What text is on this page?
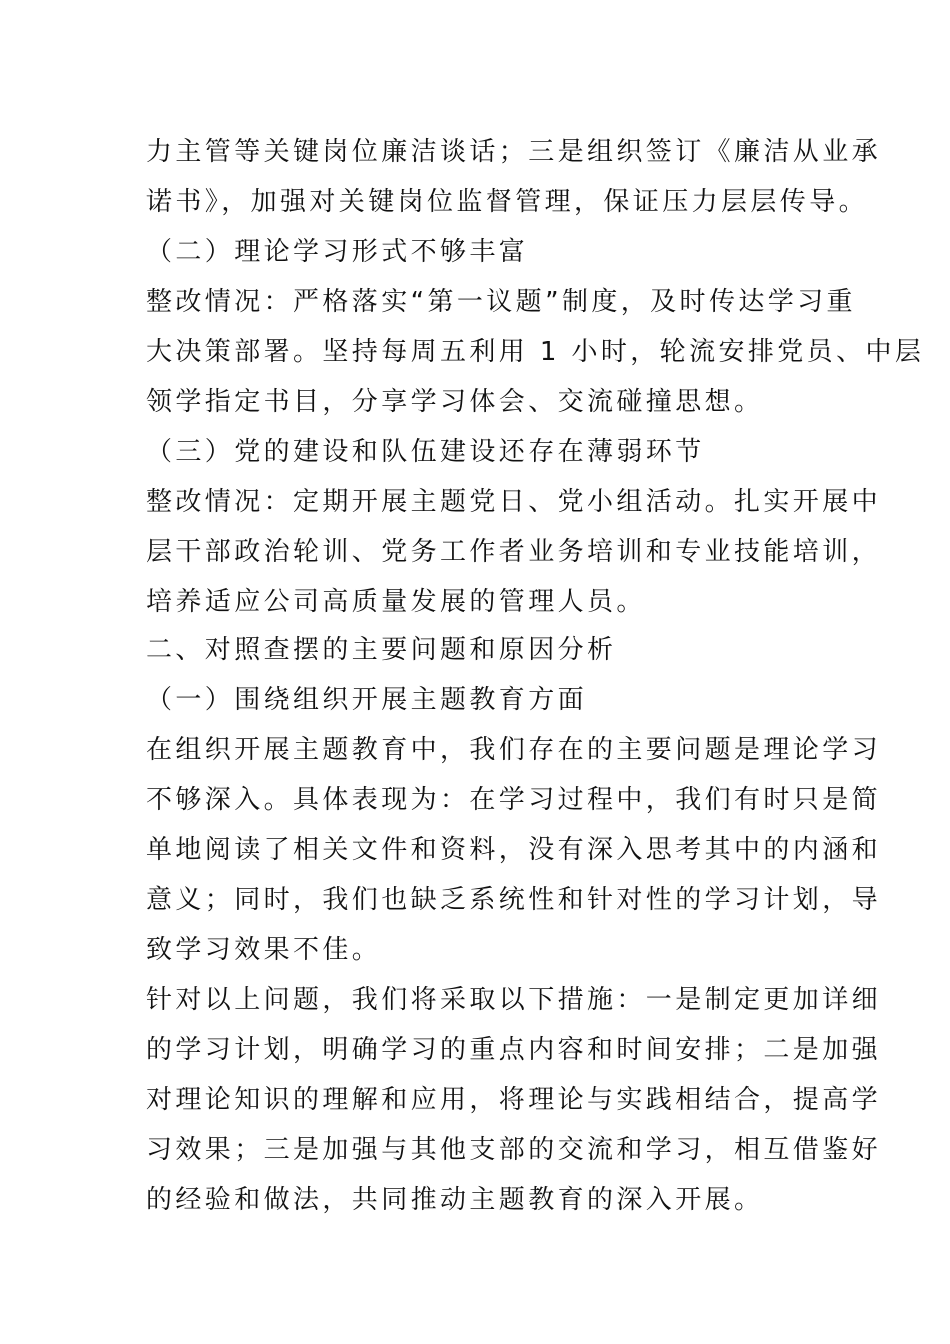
力主管等关键岗位廉洁谈话；三是组织签订《廉洁从业承
诺书》，加强对关键岗位监督管理，保证压力层层传导。
（二）理论学习形式不够丰富
整改情况：严格落实“第一议题”制度，及时传达学习重
大决策部署。坚持每周五利用 1 小时，轮流安排党员、中层
领学指定书目，分享学习体会、交流碰撞思想。
（三）党的建设和队伍建设还存在薄弱环节
整改情况：定期开展主题党日、党小组活动。扎实开展中
层干部政治轮训、党务工作者业务培训和专业技能培训，
培养适应公司高质量发展的管理人员。
二、对照查摆的主要问题和原因分析
（一）围绕组织开展主题教育方面
在组织开展主题教育中，我们存在的主要问题是理论学习
不够深入。具体表现为：在学习过程中，我们有时只是简
单地阅读了相关文件和资料，没有深入思考其中的内涵和
意义；同时，我们也缺乏系统性和针对性的学习计划，导
致学习效果不佳。
针对以上问题，我们将采取以下措施：一是制定更加详细
的学习计划，明确学习的重点内容和时间安排；二是加强
对理论知识的理解和应用，将理论与实践相结合，提高学
习效果；三是加强与其他支部的交流和学习，相互借鉴好
的经验和做法，共同推动主题教育的深入开展。
